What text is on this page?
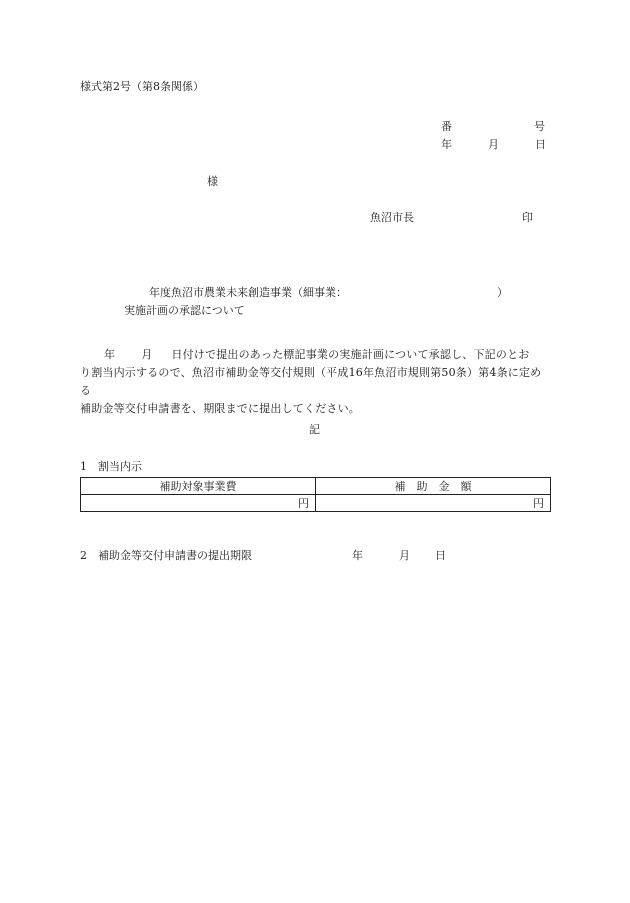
様式第2号（第8条関係）
番	号
年	月	日
様
魚沼市長	印
年度魚沼市農業未来創造事業（細事業：	）
実施計画の承認について
年 月 日付けで提出のあった標記事業の実施計画について承認し、下記のとお
り割当内示するので、魚沼市補助金等交付規則（平成16年魚沼市規則第50条）第4条に定める
補助金等交付申請書を、期限までに提出してください。
記
1　割当内示
補助対象事業費	補　助　金　額
円	円
2　補助金等交付申請書の提出期限	年	月 日
